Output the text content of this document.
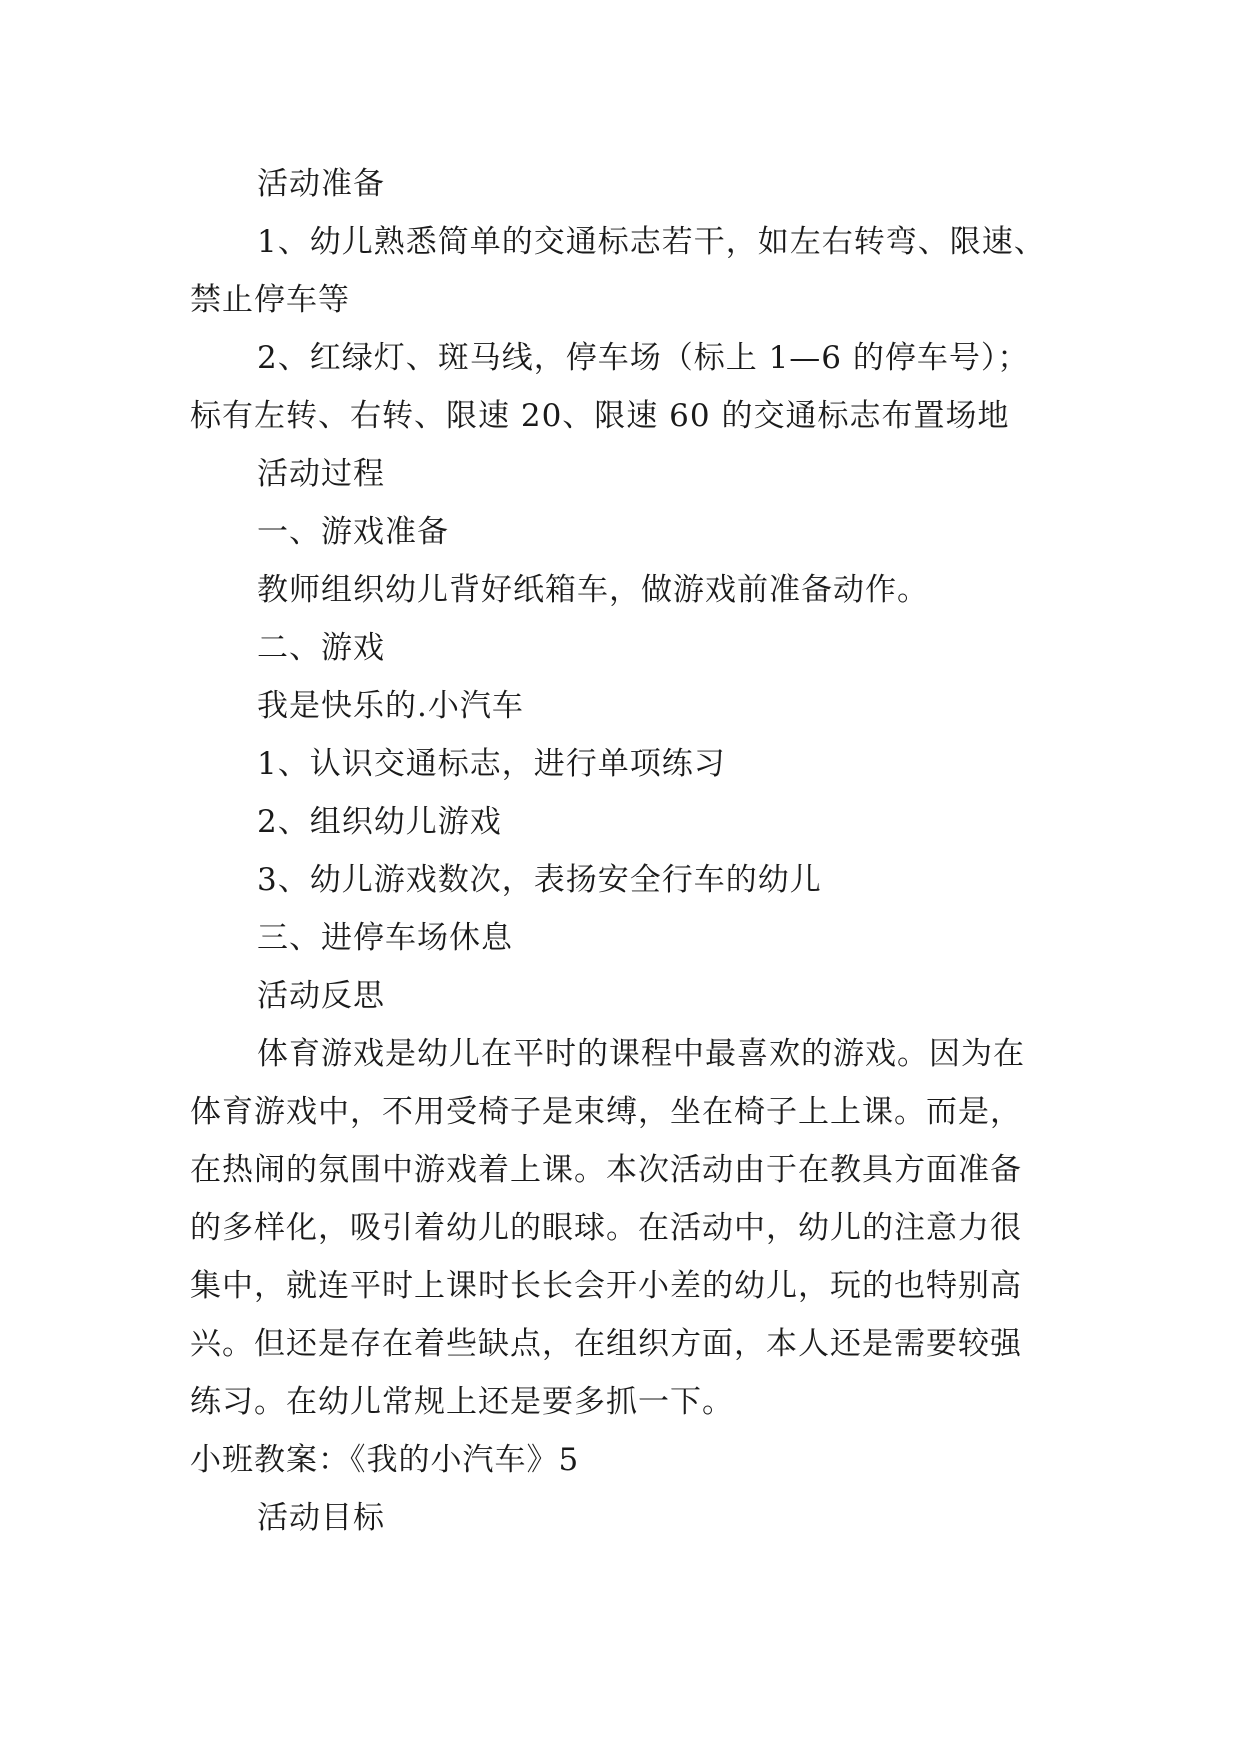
活动准备
1、幼儿熟悉简单的交通标志若干，如左右转弯、限速、
禁止停车等
2、红绿灯、斑马线，停车场（标上 1—6 的停车号）；
标有左转、右转、限速 20、限速 60 的交通标志布置场地
活动过程
一、游戏准备
教师组织幼儿背好纸箱车，做游戏前准备动作。
二、游戏
我是快乐的.小汽车
1、认识交通标志，进行单项练习
2、组织幼儿游戏
3、幼儿游戏数次，表扬安全行车的幼儿
三、进停车场休息
活动反思
体育游戏是幼儿在平时的课程中最喜欢的游戏。因为在
体育游戏中，不用受椅子是束缚，坐在椅子上上课。而是，
在热闹的氛围中游戏着上课。本次活动由于在教具方面准备
的多样化，吸引着幼儿的眼球。在活动中，幼儿的注意力很
集中，就连平时上课时长长会开小差的幼儿，玩的也特别高
兴。但还是存在着些缺点，在组织方面，本人还是需要较强
练习。在幼儿常规上还是要多抓一下。
小班教案：《我的小汽车》5
活动目标
